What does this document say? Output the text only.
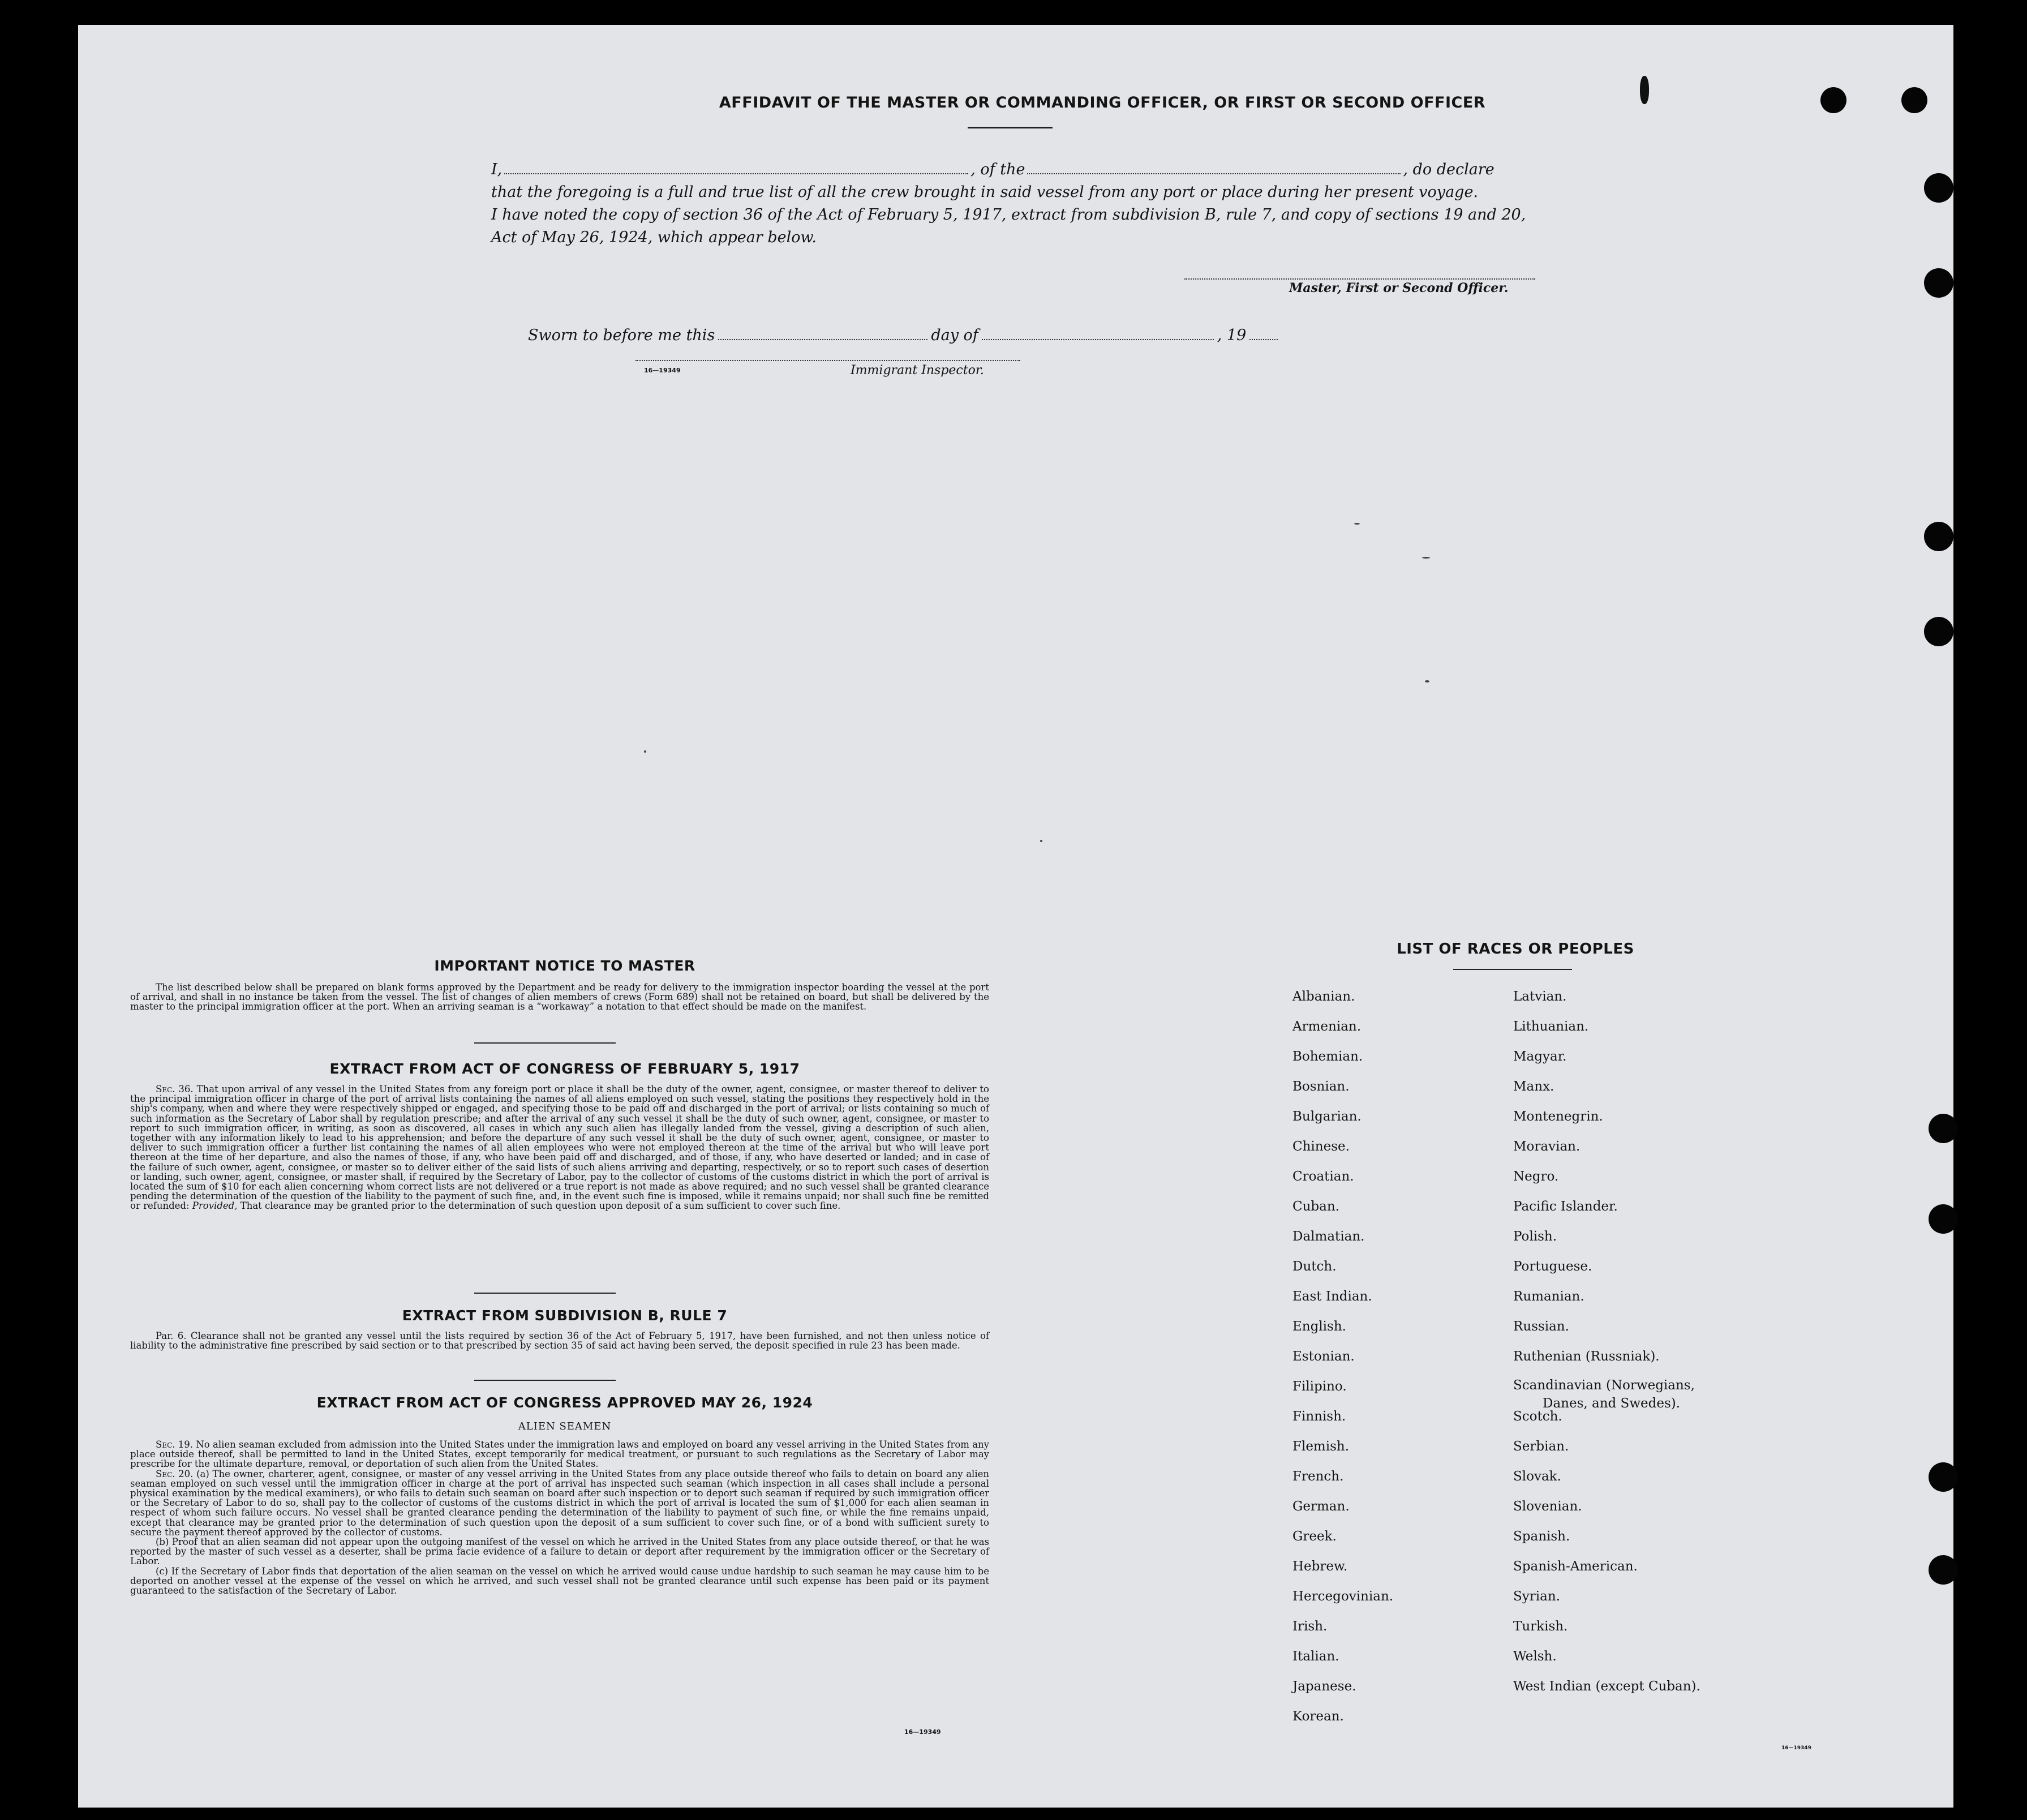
AFFIDAVIT OF THE MASTER OR COMMANDING OFFICER, OR FIRST OR SECOND OFFICER
I,	, of the	, do declare
that the foregoing is a full and true list of all the crew brought in said vessel from any port or place during her present voyage.
I have noted the copy of section 36 of the Act of February 5, 1917, extract from subdivision B, rule 7, and copy of sections 19 and 20,
Act of May 26, 1924, which appear below.
Master, First or Second Officer.
Sworn to before me this	day of	, 19
16—19349	Immigrant Inspector.
IMPORTANT NOTICE TO MASTER
The list described below shall be prepared on blank forms approved by the Department and be ready for delivery to the immigration inspector boarding the vessel at the port of arrival, and shall in no instance be taken from the vessel. The list of changes of alien members of crews (Form 689) shall not be retained on board, but shall be delivered by the master to the principal immigration officer at the port. When an arriving seaman is a “workaway” a notation to that effect should be made on the manifest.
EXTRACT FROM ACT OF CONGRESS OF FEBRUARY 5, 1917
Sec. 36. That upon arrival of any vessel in the United States from any foreign port or place it shall be the duty of the owner, agent, consignee, or master thereof to deliver to the principal immigration officer in charge of the port of arrival lists containing the names of all aliens employed on such vessel, stating the positions they respectively hold in the ship's company, when and where they were respectively shipped or engaged, and specifying those to be paid off and discharged in the port of arrival; or lists containing so much of such information as the Secretary of Labor shall by regulation prescribe; and after the arrival of any such vessel it shall be the duty of such owner, agent, consignee, or master to report to such immigration officer, in writing, as soon as discovered, all cases in which any such alien has illegally landed from the vessel, giving a description of such alien, together with any information likely to lead to his apprehension; and before the departure of any such vessel it shall be the duty of such owner, agent, consignee, or master to deliver to such immigration officer a further list containing the names of all alien employees who were not employed thereon at the time of the arrival but who will leave port thereon at the time of her departure, and also the names of those, if any, who have been paid off and discharged, and of those, if any, who have deserted or landed; and in case of the failure of such owner, agent, consignee, or master so to deliver either of the said lists of such aliens arriving and departing, respectively, or so to report such cases of desertion or landing, such owner, agent, consignee, or master shall, if required by the Secretary of Labor, pay to the collector of customs of the customs district in which the port of arrival is located the sum of $10 for each alien concerning whom correct lists are not delivered or a true report is not made as above required; and no such vessel shall be granted clearance pending the determination of the question of the liability to the payment of such fine, and, in the event such fine is imposed, while it remains unpaid; nor shall such fine be remitted or refunded: Provided, That clearance may be granted prior to the determination of such question upon deposit of a sum sufficient to cover such fine.
EXTRACT FROM SUBDIVISION B, RULE 7
Par. 6. Clearance shall not be granted any vessel until the lists required by section 36 of the Act of February 5, 1917, have been furnished, and not then unless notice of liability to the administrative fine prescribed by said section or to that prescribed by section 35 of said act having been served, the deposit specified in rule 23 has been made.
EXTRACT FROM ACT OF CONGRESS APPROVED MAY 26, 1924
ALIEN SEAMEN
Sec. 19. No alien seaman excluded from admission into the United States under the immigration laws and employed on board any vessel arriving in the United States from any place outside thereof, shall be permitted to land in the United States, except temporarily for medical treatment, or pursuant to such regulations as the Secretary of Labor may prescribe for the ultimate departure, removal, or deportation of such alien from the United States.
Sec. 20. (a) The owner, charterer, agent, consignee, or master of any vessel arriving in the United States from any place outside thereof who fails to detain on board any alien seaman employed on such vessel until the immigration officer in charge at the port of arrival has inspected such seaman (which inspection in all cases shall include a personal physical examination by the medical examiners), or who fails to detain such seaman on board after such inspection or to deport such seaman if required by such immigration officer or the Secretary of Labor to do so, shall pay to the collector of customs of the customs district in which the port of arrival is located the sum of $1,000 for each alien seaman in respect of whom such failure occurs. No vessel shall be granted clearance pending the determination of the liability to payment of such fine, or while the fine remains unpaid, except that clearance may be granted prior to the determination of such question upon the deposit of a sum sufficient to cover such fine, or of a bond with sufficient surety to secure the payment thereof approved by the collector of customs.
(b) Proof that an alien seaman did not appear upon the outgoing manifest of the vessel on which he arrived in the United States from any place outside thereof, or that he was reported by the master of such vessel as a deserter, shall be prima facie evidence of a failure to detain or deport after requirement by the immigration officer or the Secretary of Labor.
(c) If the Secretary of Labor finds that deportation of the alien seaman on the vessel on which he arrived would cause undue hardship to such seaman he may cause him to be deported on another vessel at the expense of the vessel on which he arrived, and such vessel shall not be granted clearance until such expense has been paid or its payment guaranteed to the satisfaction of the Secretary of Labor.
16—19349
LIST OF RACES OR PEOPLES
16—19349
Albanian.
Armenian.
Bohemian.
Bosnian.
Bulgarian.
Chinese.
Croatian.
Cuban.
Dalmatian.
Dutch.
East Indian.
English.
Estonian.
Filipino.
Finnish.
Flemish.
French.
German.
Greek.
Hebrew.
Hercegovinian.
Irish.
Italian.
Japanese.
Korean.
Latvian.
Lithuanian.
Magyar.
Manx.
Montenegrin.
Moravian.
Negro.
Pacific Islander.
Polish.
Portuguese.
Rumanian.
Russian.
Ruthenian (Russniak).
Scandinavian (Norwegians,
Danes, and Swedes).
Scotch.
Serbian.
Slovak.
Slovenian.
Spanish.
Spanish-American.
Syrian.
Turkish.
Welsh.
West Indian (except Cuban).
